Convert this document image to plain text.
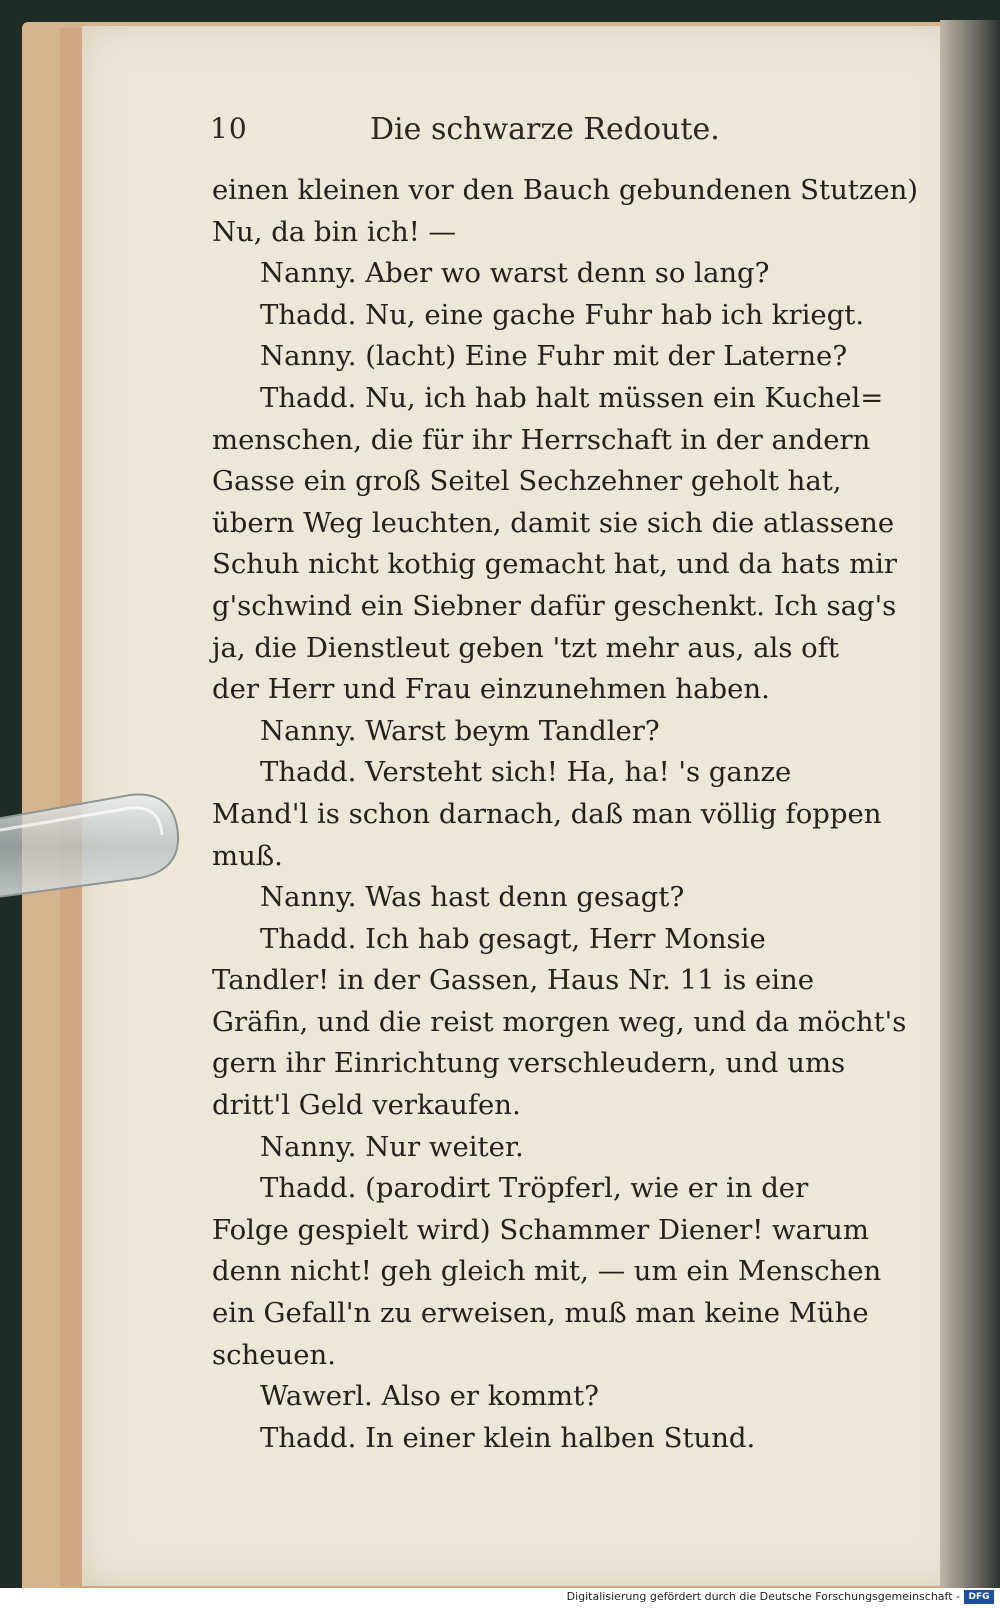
10	Die schwarze Redoute.
einen kleinen vor den Bauch gebundenen Stutzen)
Nu, da bin ich! —
Nanny. Aber wo warst denn so lang?
Thadd. Nu, eine gache Fuhr hab ich kriegt.
Nanny. (lacht) Eine Fuhr mit der Laterne?
Thadd. Nu, ich hab halt müssen ein Kuchel=
menschen, die für ihr Herrschaft in der andern
Gasse ein groß Seitel Sechzehner geholt hat,
übern Weg leuchten, damit sie sich die atlassene
Schuh nicht kothig gemacht hat, und da hats mir
g'schwind ein Siebner dafür geschenkt. Ich sag's
ja, die Dienstleut geben 'tzt mehr aus, als oft
der Herr und Frau einzunehmen haben.
Nanny. Warst beym Tandler?
Thadd. Versteht sich! Ha, ha! 's ganze
Mand'l is schon darnach, daß man völlig foppen
muß.
Nanny. Was hast denn gesagt?
Thadd. Ich hab gesagt, Herr Monsie
Tandler! in der Gassen, Haus Nr. 11 is eine
Gräfin, und die reist morgen weg, und da möcht's
gern ihr Einrichtung verschleudern, und ums
dritt'l Geld verkaufen.
Nanny. Nur weiter.
Thadd. (parodirt Tröpferl, wie er in der
Folge gespielt wird) Schammer Diener! warum
denn nicht! geh gleich mit, — um ein Menschen
ein Gefall'n zu erweisen, muß man keine Mühe
scheuen.
Wawerl. Also er kommt?
Thadd. In einer klein halben Stund.
Digitalisierung gefördert durch die Deutsche Forschungsgemeinschaft - DFG
